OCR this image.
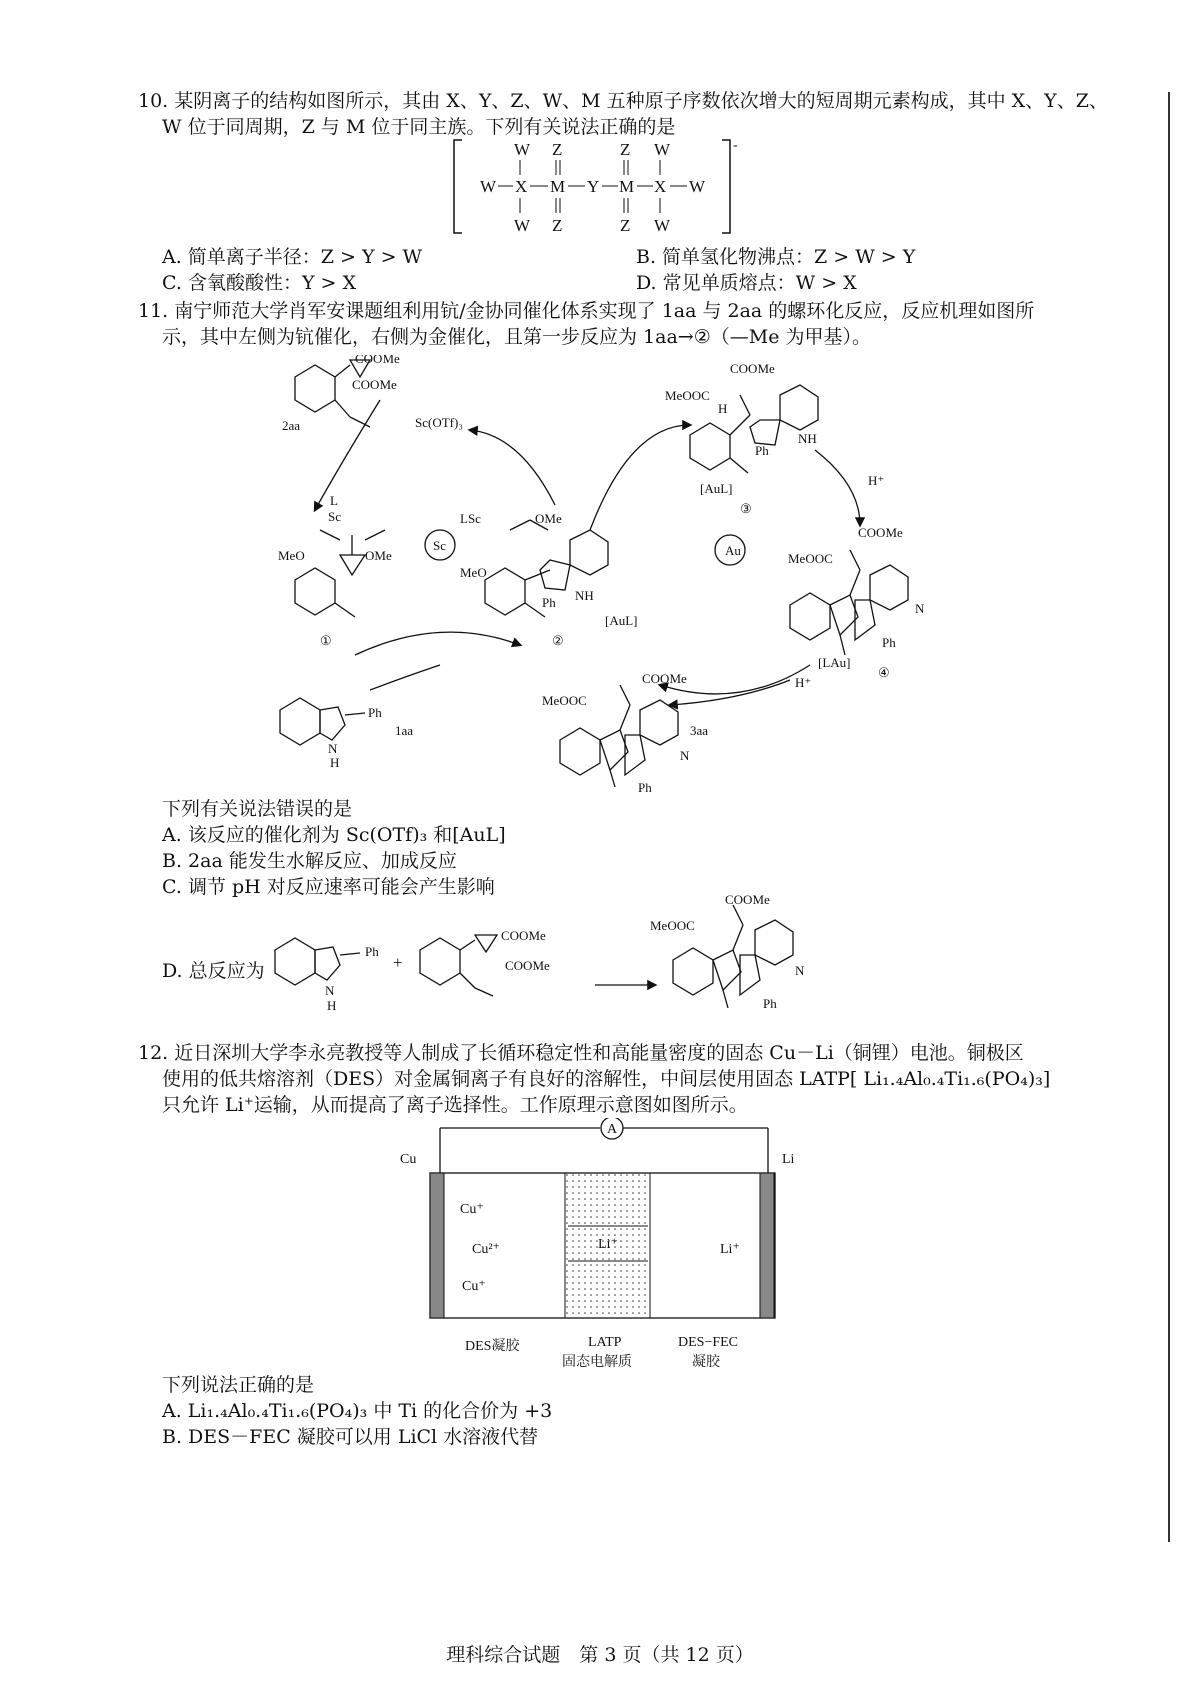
10. 某阴离子的结构如图所示，其由 X、Y、Z、W、M 五种原子序数依次增大的短周期元素构成，其中 X、Y、Z、
W 位于同周期，Z 与 M 位于同主族。下列有关说法正确的是
-
W Z	Z W
W X M Y M X W
W Z	Z W
A. 简单离子半径：Z > Y > W	B. 简单氢化物沸点：Z > W > Y
C. 含氧酸酸性：Y > X	D. 常见单质熔点：W > X
11. 南宁师范大学肖军安课题组利用钪/金协同催化体系实现了 1aa 与 2aa 的螺环化反应，反应机理如图所
示，其中左侧为钪催化，右侧为金催化，且第一步反应为 1aa→②（—Me 为甲基）。
COOMe
COOMe
2aa	Sc(OTf)₃
Sc	Au
L
Sc
MeO	OMe
①
LSc	OMe
MeO
Ph NH
②
[AuL]
COOMe
MeOOC
H
Ph
NH
[AuL]
③
H⁺
COOMe
MeOOC
N
Ph
[LAu]
④
H⁺
COOMe
MeOOC
3aa
N
Ph
Ph
N
H
1aa
下列有关说法错误的是
A. 该反应的催化剂为 Sc(OTf)₃ 和[AuL]
B. 2aa 能发生水解反应、加成反应
C. 调节 pH 对反应速率可能会产生影响
D. 总反应为
Ph
N
H
+
COOMe
COOMe
COOMe
MeOOC
N
Ph
12. 近日深圳大学李永亮教授等人制成了长循环稳定性和高能量密度的固态 Cu－Li（铜锂）电池。铜极区
使用的低共熔溶剂（DES）对金属铜离子有良好的溶解性，中间层使用固态 LATP[ Li₁.₄Al₀.₄Ti₁.₆(PO₄)₃]
只允许 Li⁺运输，从而提高了离子选择性。工作原理示意图如图所示。
A
Cu	Li
Cu⁺
Cu²⁺
Cu⁺
Li⁺	Li⁺
DES凝胶	LATP
固态电解质
DES−FEC
凝胶
下列说法正确的是
A. Li₁.₄Al₀.₄Ti₁.₆(PO₄)₃ 中 Ti 的化合价为 +3
B. DES－FEC 凝胶可以用 LiCl 水溶液代替
理科综合试题　第 3 页（共 12 页）
